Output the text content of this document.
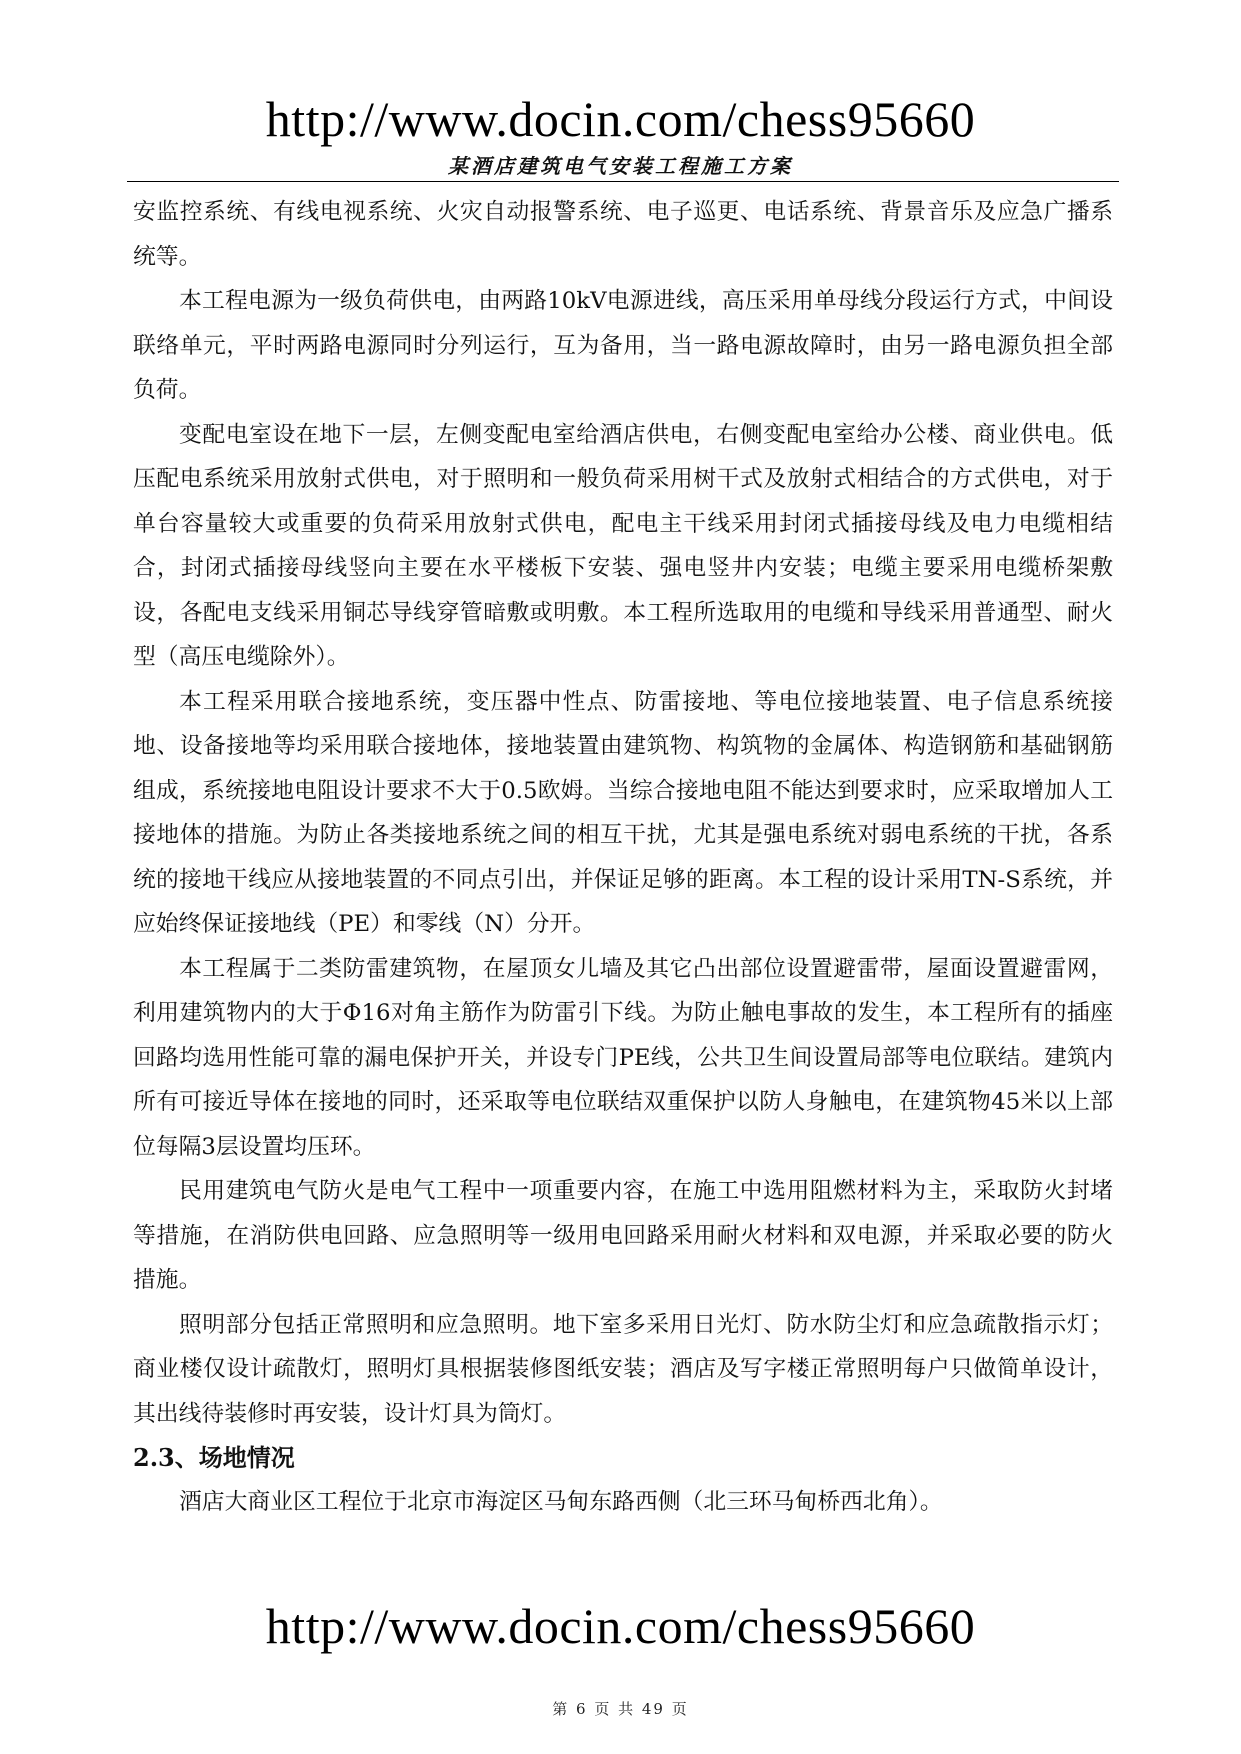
http://www.docin.com/chess95660
某酒店建筑电气安装工程施工方案

安监控系统、有线电视系统、火灾自动报警系统、电子巡更、电话系统、背景音乐及应急广播系统等。

本工程电源为一级负荷供电，由两路10kV电源进线，高压采用单母线分段运行方式，中间设联络单元，平时两路电源同时分列运行，互为备用，当一路电源故障时，由另一路电源负担全部负荷。

变配电室设在地下一层，左侧变配电室给酒店供电，右侧变配电室给办公楼、商业供电。低压配电系统采用放射式供电，对于照明和一般负荷采用树干式及放射式相结合的方式供电，对于单台容量较大或重要的负荷采用放射式供电，配电主干线采用封闭式插接母线及电力电缆相结合，封闭式插接母线竖向主要在水平楼板下安装、强电竖井内安装；电缆主要采用电缆桥架敷设，各配电支线采用铜芯导线穿管暗敷或明敷。本工程所选取用的电缆和导线采用普通型、耐火型（高压电缆除外）。

本工程采用联合接地系统，变压器中性点、防雷接地、等电位接地装置、电子信息系统接地、设备接地等均采用联合接地体，接地装置由建筑物、构筑物的金属体、构造钢筋和基础钢筋组成，系统接地电阻设计要求不大于0.5欧姆。当综合接地电阻不能达到要求时，应采取增加人工接地体的措施。为防止各类接地系统之间的相互干扰，尤其是强电系统对弱电系统的干扰，各系统的接地干线应从接地装置的不同点引出，并保证足够的距离。本工程的设计采用TN-S系统，并应始终保证接地线（PE）和零线（N）分开。

本工程属于二类防雷建筑物，在屋顶女儿墙及其它凸出部位设置避雷带，屋面设置避雷网，利用建筑物内的大于Φ16对角主筋作为防雷引下线。为防止触电事故的发生，本工程所有的插座回路均选用性能可靠的漏电保护开关，并设专门PE线，公共卫生间设置局部等电位联结。建筑内所有可接近导体在接地的同时，还采取等电位联结双重保护以防人身触电，在建筑物45米以上部位每隔3层设置均压环。

民用建筑电气防火是电气工程中一项重要内容，在施工中选用阻燃材料为主，采取防火封堵等措施，在消防供电回路、应急照明等一级用电回路采用耐火材料和双电源，并采取必要的防火措施。

照明部分包括正常照明和应急照明。地下室多采用日光灯、防水防尘灯和应急疏散指示灯；商业楼仅设计疏散灯，照明灯具根据装修图纸安装；酒店及写字楼正常照明每户只做简单设计，其出线待装修时再安装，设计灯具为筒灯。

2.3、场地情况

酒店大商业区工程位于北京市海淀区马甸东路西侧（北三环马甸桥西北角）。

http://www.docin.com/chess95660
第 6 页 共 49 页
